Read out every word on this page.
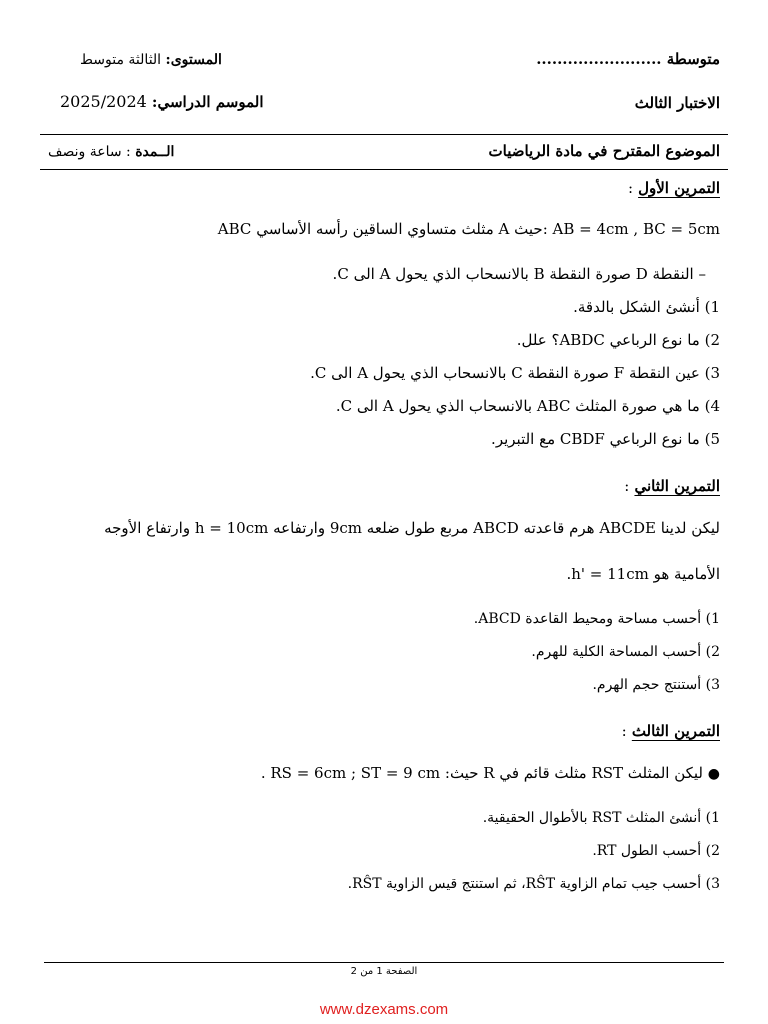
متوسطة ........................
المستوى: الثالثة متوسط
الاختبار الثالث
الموسم الدراسي: 2025/2024
الموضوع المقترح في مادة الرياضيات
الــمدة : ساعة ونصف
التمرين الأول :
ABC مثلث متساوي الساقين رأسه الأساسي A حيث: AB = 4cm , BC = 5cm
– النقطة D صورة النقطة B بالانسحاب الذي يحول A الى C.
1) أنشئ الشكل بالدقة.
2) ما نوع الرباعي ABDC؟ علل.
3) عين النقطة F صورة النقطة C بالانسحاب الذي يحول A الى C.
4) ما هي صورة المثلث ABC بالانسحاب الذي يحول A الى C.
5) ما نوع الرباعي CBDF مع التبرير.
التمرين الثاني :
ليكن لدينا ABCDE هرم قاعدته ABCD مربع طول ضلعه 9cm وارتفاعه h = 10cm وارتفاع الأوجه
الأمامية هو h' = 11cm.
1) أحسب مساحة ومحيط القاعدة ABCD.
2) أحسب المساحة الكلية للهرم.
3) أستنتج حجم الهرم.
التمرين الثالث :
● ليكن المثلث RST مثلث قائم في R حيث: RS = 6cm ; ST = 9 cm .
1) أنشئ المثلث RST بالأطوال الحقيقية.
2) أحسب الطول RT.
3) أحسب جيب تمام الزاوية RŜT، ثم استنتج قيس الزاوية RŜT.
الصفحة 1 من 2
www.dzexams.com
